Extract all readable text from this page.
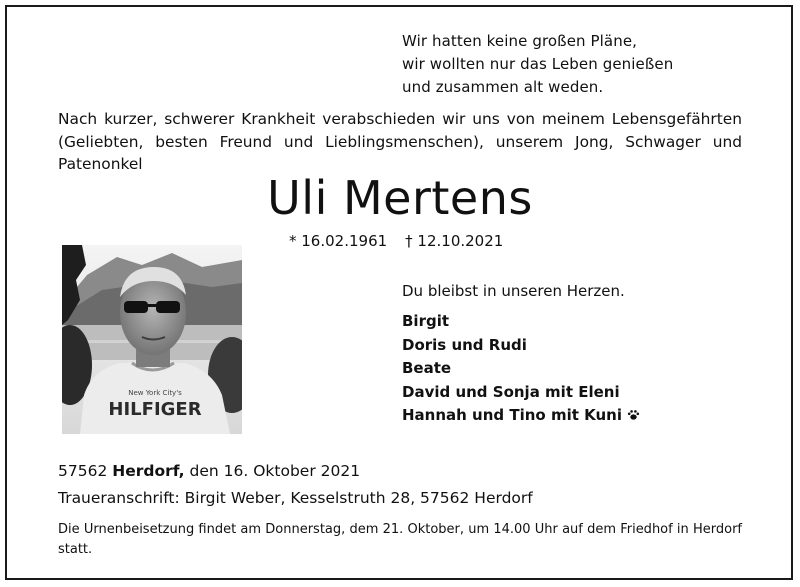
Wir hatten keine großen Pläne,
wir wollten nur das Leben genießen
und zusammen alt weden.
Nach kurzer, schwerer Krankheit verabschieden wir uns von meinem Lebensgefährten (Geliebten, besten Freund und Lieblingsmenschen), unserem Jong, Schwager und Patenonkel
Uli Mertens
* 16.02.1961 † 12.10.2021
New York City's
HILFIGER
Du bleibst in unseren Herzen.
Birgit
Doris und Rudi
Beate
David und Sonja mit Eleni
Hannah und Tino mit Kuni
57562 Herdorf, den 16. Oktober 2021
Traueranschrift: Birgit Weber, Kesselstruth 28, 57562 Herdorf
Die Urnenbeisetzung findet am Donnerstag, dem 21. Oktober, um 14.00 Uhr auf dem Friedhof in Herdorf statt.
